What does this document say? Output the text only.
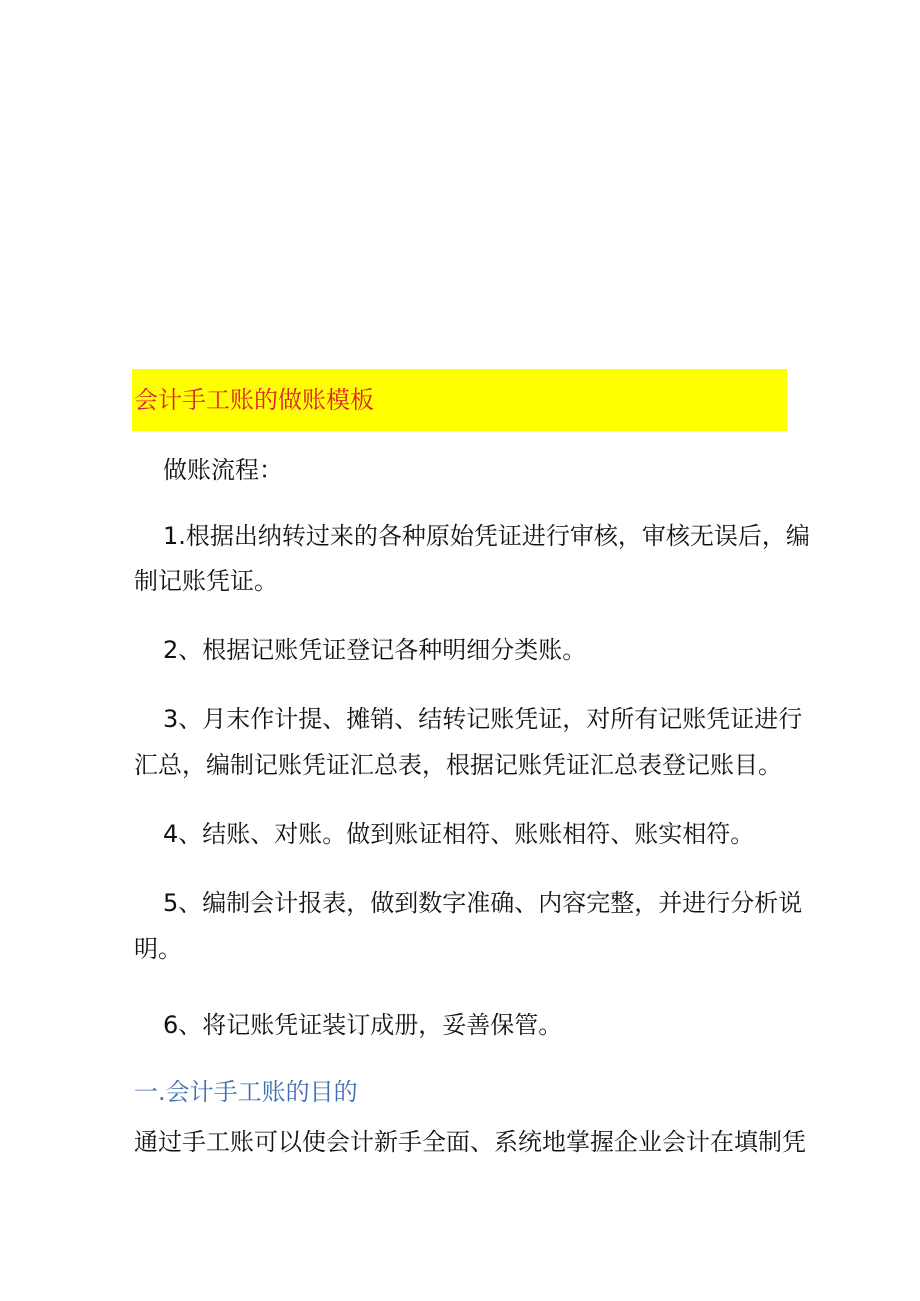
会计手工账的做账模板
做账流程：
1.根据出纳转过来的各种原始凭证进行审核，审核无误后，编
制记账凭证。
2、根据记账凭证登记各种明细分类账。
3、月末作计提、摊销、结转记账凭证，对所有记账凭证进行
汇总，编制记账凭证汇总表，根据记账凭证汇总表登记账目。
4、结账、对账。做到账证相符、账账相符、账实相符。
5、编制会计报表，做到数字准确、内容完整，并进行分析说
明。
6、将记账凭证装订成册，妥善保管。
一.会计手工账的目的
通过手工账可以使会计新手全面、系统地掌握企业会计在填制凭
